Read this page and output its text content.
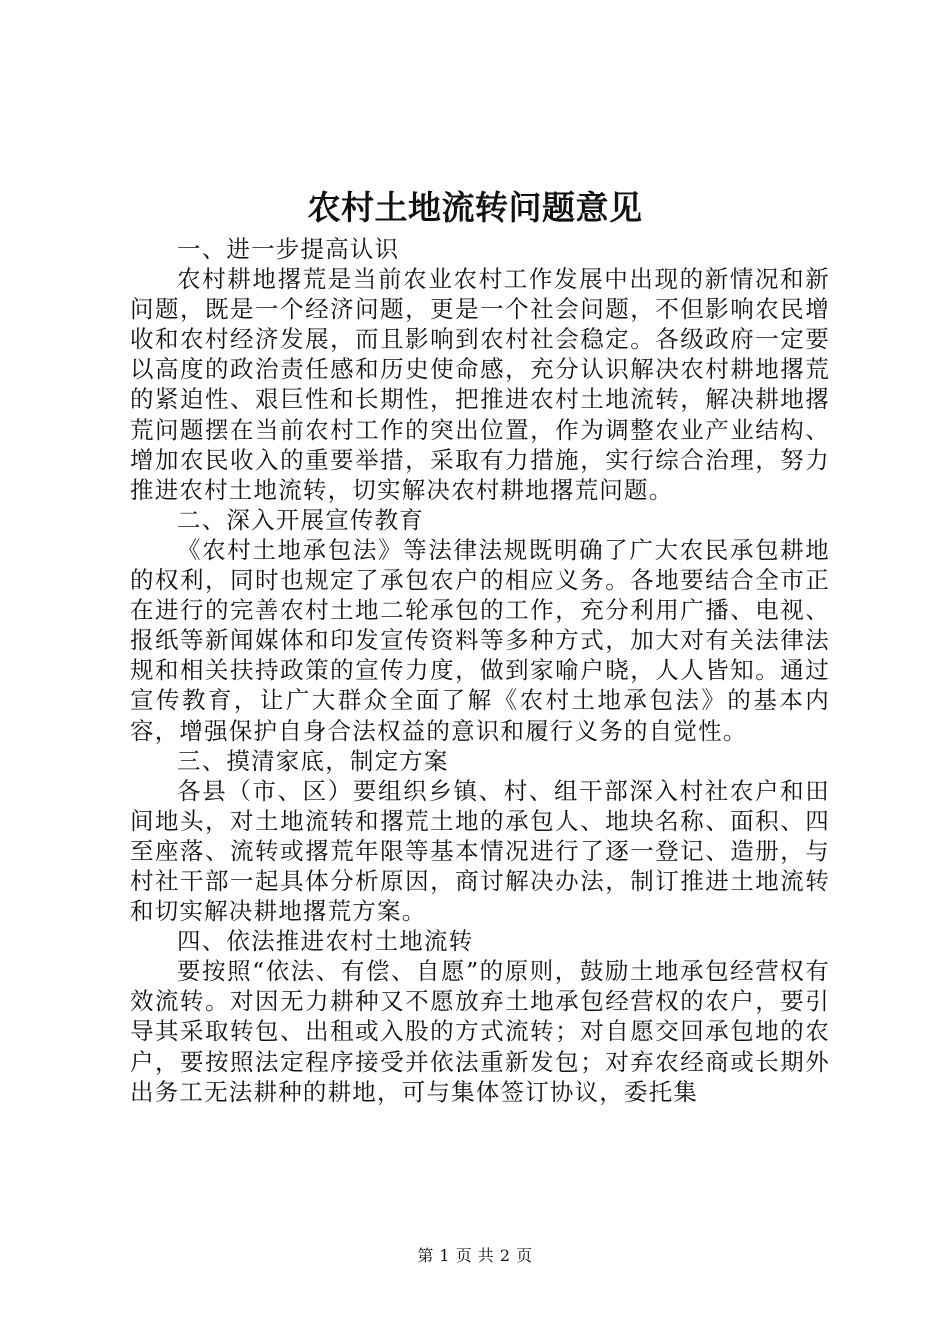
农村土地流转问题意见

一、进一步提高认识

农村耕地撂荒是当前农业农村工作发展中出现的新情况和新问题，既是一个经济问题，更是一个社会问题，不但影响农民增收和农村经济发展，而且影响到农村社会稳定。各级政府一定要以高度的政治责任感和历史使命感，充分认识解决农村耕地撂荒的紧迫性、艰巨性和长期性，把推进农村土地流转，解决耕地撂荒问题摆在当前农村工作的突出位置，作为调整农业产业结构、增加农民收入的重要举措，采取有力措施，实行综合治理，努力推进农村土地流转，切实解决农村耕地撂荒问题。

二、深入开展宣传教育

《农村土地承包法》等法律法规既明确了广大农民承包耕地的权利，同时也规定了承包农户的相应义务。各地要结合全市正在进行的完善农村土地二轮承包的工作，充分利用广播、电视、报纸等新闻媒体和印发宣传资料等多种方式，加大对有关法律法规和相关扶持政策的宣传力度，做到家喻户晓，人人皆知。通过宣传教育，让广大群众全面了解《农村土地承包法》的基本内容，增强保护自身合法权益的意识和履行义务的自觉性。

三、摸清家底，制定方案

各县（市、区）要组织乡镇、村、组干部深入村社农户和田间地头，对土地流转和撂荒土地的承包人、地块名称、面积、四至座落、流转或撂荒年限等基本情况进行了逐一登记、造册，与村社干部一起具体分析原因，商讨解决办法，制订推进土地流转和切实解决耕地撂荒方案。

四、依法推进农村土地流转

要按照“依法、有偿、自愿”的原则，鼓励土地承包经营权有效流转。对因无力耕种又不愿放弃土地承包经营权的农户，要引导其采取转包、出租或入股的方式流转；对自愿交回承包地的农户，要按照法定程序接受并依法重新发包；对弃农经商或长期外出务工无法耕种的耕地，可与集体签订协议，委托集

第 1 页 共 2 页
